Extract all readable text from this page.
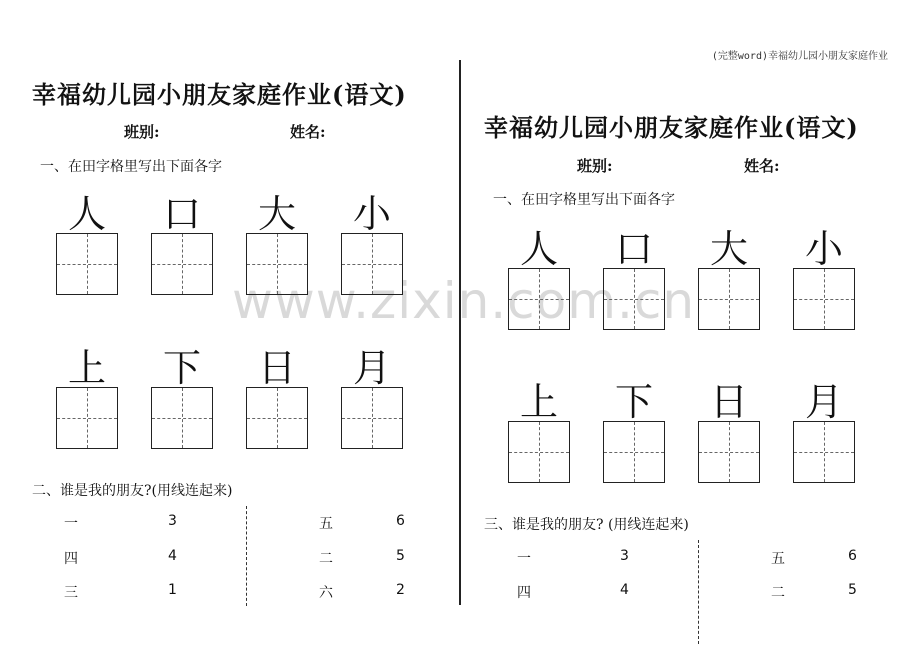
(完整word)幸福幼儿园小朋友家庭作业
www.zixin.com.cn
幸福幼儿园小朋友家庭作业(语文)
班别:	姓名:
一、在田字格里写出下面各字
人	口	大	小
上	下	日	月
二、谁是我的朋友?(用线连起来)
一	3
四	4
三	1
五	6
二	5
六	2
幸福幼儿园小朋友家庭作业(语文)
班别:	姓名:
一、在田字格里写出下面各字
人	口	大	小
上	下	日	月
三、谁是我的朋友? (用线连起来)
一	3
四	4
五	6
二	5
